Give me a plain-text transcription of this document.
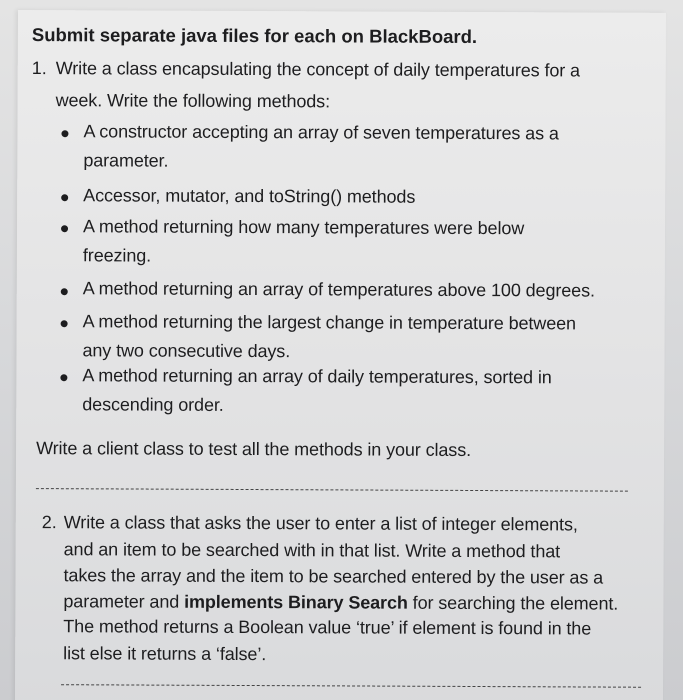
Submit separate java files for each on BlackBoard.
1. Write a class encapsulating the concept of daily temperatures for a
week. Write the following methods:
A constructor accepting an array of seven temperatures as a
parameter.
Accessor, mutator, and toString() methods
A method returning how many temperatures were below
freezing.
A method returning an array of temperatures above 100 degrees.
A method returning the largest change in temperature between
any two consecutive days.
A method returning an array of daily temperatures, sorted in
descending order.
Write a client class to test all the methods in your class.
2. Write a class that asks the user to enter a list of integer elements,
and an item to be searched with in that list. Write a method that
takes the array and the item to be searched entered by the user as a
parameter and implements Binary Search for searching the element.
The method returns a Boolean value ‘true’ if element is found in the
list else it returns a ‘false’.
